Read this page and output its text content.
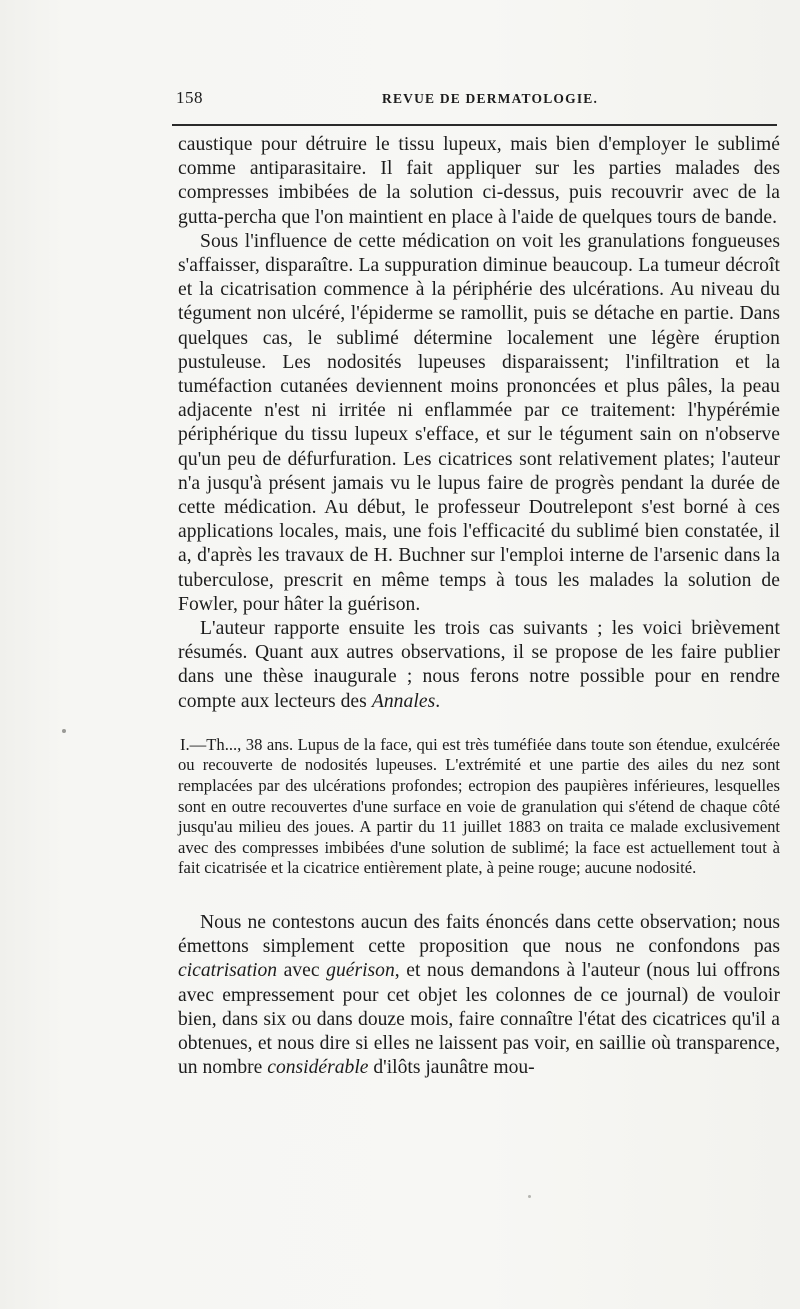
158	REVUE DE DERMATOLOGIE.

caustique pour détruire le tissu lupeux, mais bien d'employer le sublimé comme antiparasitaire. Il fait appliquer sur les parties malades des compresses imbibées de la solution ci-dessus, puis recouvrir avec de la gutta-percha que l'on maintient en place à l'aide de quelques tours de bande.

Sous l'influence de cette médication on voit les granulations fongueuses s'affaisser, disparaître. La suppuration diminue beaucoup. La tumeur décroît et la cicatrisation commence à la périphérie des ulcérations. Au niveau du tégument non ulcéré, l'épiderme se ramollit, puis se détache en partie. Dans quelques cas, le sublimé détermine localement une légère éruption pustuleuse. Les nodosités lupeuses disparaissent; l'infiltration et la tuméfaction cutanées deviennent moins prononcées et plus pâles, la peau adjacente n'est ni irritée ni enflammée par ce traitement: l'hypérémie périphérique du tissu lupeux s'efface, et sur le tégument sain on n'observe qu'un peu de défurfuration. Les cicatrices sont relativement plates; l'auteur n'a jusqu'à présent jamais vu le lupus faire de progrès pendant la durée de cette médication. Au début, le professeur Doutrelepont s'est borné à ces applications locales, mais, une fois l'efficacité du sublimé bien constatée, il a, d'après les travaux de H. Buchner sur l'emploi interne de l'arsenic dans la tuberculose, prescrit en même temps à tous les malades la solution de Fowler, pour hâter la guérison.

L'auteur rapporte ensuite les trois cas suivants ; les voici brièvement résumés. Quant aux autres observations, il se propose de les faire publier dans une thèse inaugurale ; nous ferons notre possible pour en rendre compte aux lecteurs des Annales.

I.—Th..., 38 ans. Lupus de la face, qui est très tuméfiée dans toute son étendue, exulcérée ou recouverte de nodosités lupeuses. L'extrémité et une partie des ailes du nez sont remplacées par des ulcérations profondes; ectropion des paupières inférieures, lesquelles sont en outre recouvertes d'une surface en voie de granulation qui s'étend de chaque côté jusqu'au milieu des joues. A partir du 11 juillet 1883 on traita ce malade exclusivement avec des compresses imbibées d'une solution de sublimé; la face est actuellement tout à fait cicatrisée et la cicatrice entièrement plate, à peine rouge; aucune nodosité.

Nous ne contestons aucun des faits énoncés dans cette observation; nous émettons simplement cette proposition que nous ne confondons pas cicatrisation avec guérison, et nous demandons à l'auteur (nous lui offrons avec empressement pour cet objet les colonnes de ce journal) de vouloir bien, dans six ou dans douze mois, faire connaître l'état des cicatrices qu'il a obtenues, et nous dire si elles ne laissent pas voir, en saillie où transparence, un nombre considérable d'ilôts jaunâtre mou-
